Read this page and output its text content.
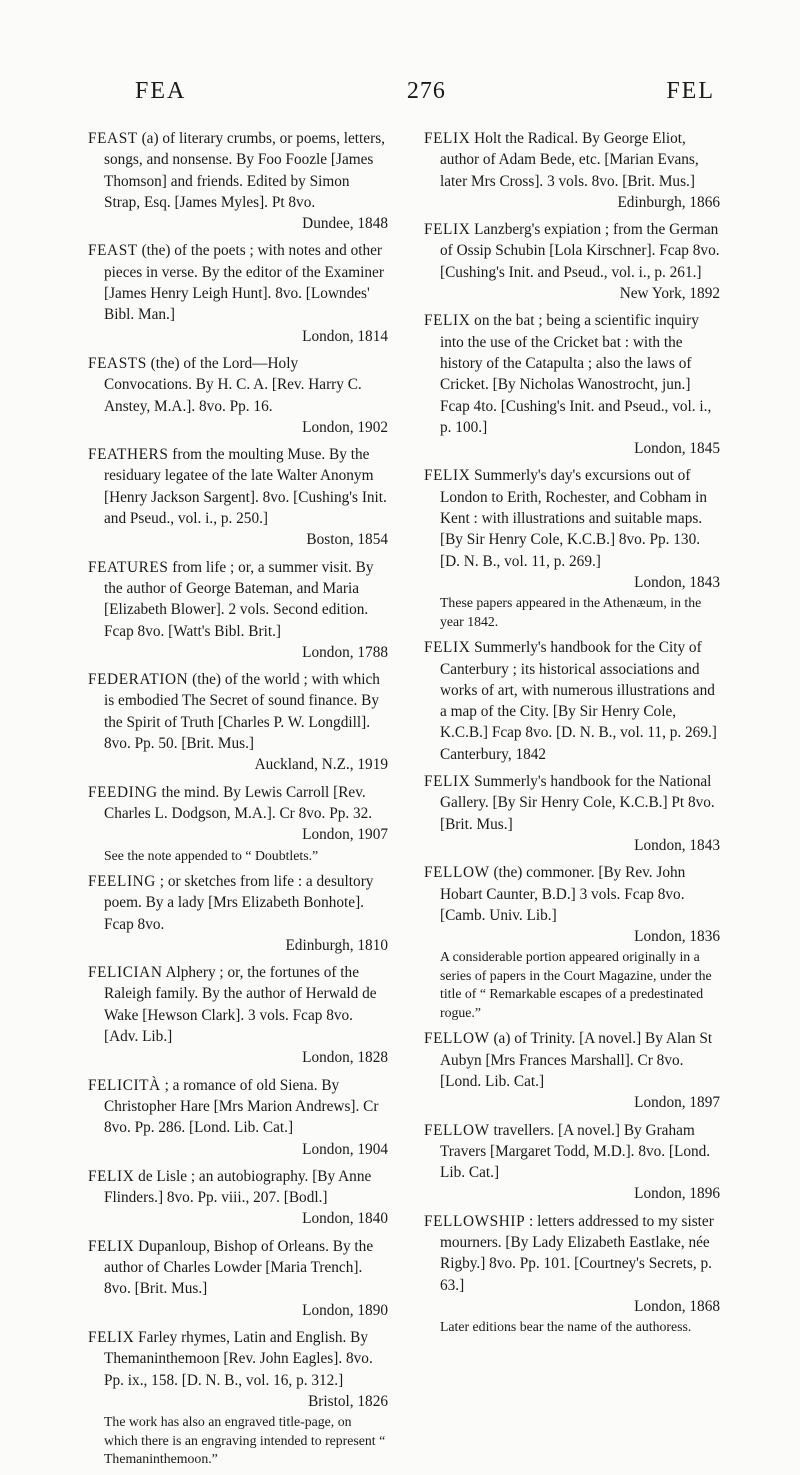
FEA	276	FEL
FEAST (a) of literary crumbs, or poems, letters, songs, and nonsense. By Foo Foozle [James Thomson] and friends. Edited by Simon Strap, Esq. [James Myles]. Pt 8vo.
Dundee, 1848
FEAST (the) of the poets ; with notes and other pieces in verse. By the editor of the Examiner [James Henry Leigh Hunt]. 8vo. [Lowndes' Bibl. Man.]
London, 1814
FEASTS (the) of the Lord—Holy Convocations. By H. C. A. [Rev. Harry C. Anstey, M.A.]. 8vo. Pp. 16.
London, 1902
FEATHERS from the moulting Muse. By the residuary legatee of the late Walter Anonym [Henry Jackson Sargent]. 8vo. [Cushing's Init. and Pseud., vol. i., p. 250.]
Boston, 1854
FEATURES from life ; or, a summer visit. By the author of George Bateman, and Maria [Elizabeth Blower]. 2 vols. Second edition. Fcap 8vo. [Watt's Bibl. Brit.]
London, 1788
FEDERATION (the) of the world ; with which is embodied The Secret of sound finance. By the Spirit of Truth [Charles P. W. Longdill]. 8vo. Pp. 50. [Brit. Mus.]
Auckland, N.Z., 1919
FEEDING the mind. By Lewis Carroll [Rev. Charles L. Dodgson, M.A.]. Cr 8vo. Pp. 32.
London, 1907
See the note appended to “ Doubtlets.”
FEELING ; or sketches from life : a desultory poem. By a lady [Mrs Elizabeth Bonhote]. Fcap 8vo.
Edinburgh, 1810
FELICIAN Alphery ; or, the fortunes of the Raleigh family. By the author of Herwald de Wake [Hewson Clark]. 3 vols. Fcap 8vo. [Adv. Lib.]
London, 1828
FELICITÀ ; a romance of old Siena. By Christopher Hare [Mrs Marion Andrews]. Cr 8vo. Pp. 286. [Lond. Lib. Cat.]
London, 1904
FELIX de Lisle ; an autobiography. [By Anne Flinders.] 8vo. Pp. viii., 207. [Bodl.]
London, 1840
FELIX Dupanloup, Bishop of Orleans. By the author of Charles Lowder [Maria Trench]. 8vo. [Brit. Mus.]
London, 1890
FELIX Farley rhymes, Latin and English. By Themaninthemoon [Rev. John Eagles]. 8vo. Pp. ix., 158. [D. N. B., vol. 16, p. 312.]
Bristol, 1826
The work has also an engraved title-page, on which there is an engraving intended to represent “ Themaninthemoon.”
FELIX Holt the Radical. By George Eliot, author of Adam Bede, etc. [Marian Evans, later Mrs Cross]. 3 vols. 8vo. [Brit. Mus.]
Edinburgh, 1866
FELIX Lanzberg's expiation ; from the German of Ossip Schubin [Lola Kirschner]. Fcap 8vo. [Cushing's Init. and Pseud., vol. i., p. 261.]
New York, 1892
FELIX on the bat ; being a scientific inquiry into the use of the Cricket bat : with the history of the Catapulta ; also the laws of Cricket. [By Nicholas Wanostrocht, jun.] Fcap 4to. [Cushing's Init. and Pseud., vol. i., p. 100.]
London, 1845
FELIX Summerly's day's excursions out of London to Erith, Rochester, and Cobham in Kent : with illustrations and suitable maps. [By Sir Henry Cole, K.C.B.] 8vo. Pp. 130. [D. N. B., vol. 11, p. 269.]
London, 1843
These papers appeared in the Athenæum, in the year 1842.
FELIX Summerly's handbook for the City of Canterbury ; its historical associations and works of art, with numerous illustrations and a map of the City. [By Sir Henry Cole, K.C.B.] Fcap 8vo. [D. N. B., vol. 11, p. 269.] Canterbury, 1842
FELIX Summerly's handbook for the National Gallery. [By Sir Henry Cole, K.C.B.] Pt 8vo. [Brit. Mus.]
London, 1843
FELLOW (the) commoner. [By Rev. John Hobart Caunter, B.D.] 3 vols. Fcap 8vo. [Camb. Univ. Lib.]
London, 1836
A considerable portion appeared originally in a series of papers in the Court Magazine, under the title of “ Remarkable escapes of a predestinated rogue.”
FELLOW (a) of Trinity. [A novel.] By Alan St Aubyn [Mrs Frances Marshall]. Cr 8vo. [Lond. Lib. Cat.]
London, 1897
FELLOW travellers. [A novel.] By Graham Travers [Margaret Todd, M.D.]. 8vo. [Lond. Lib. Cat.]
London, 1896
FELLOWSHIP : letters addressed to my sister mourners. [By Lady Elizabeth Eastlake, née Rigby.] 8vo. Pp. 101. [Courtney's Secrets, p. 63.]
London, 1868
Later editions bear the name of the authoress.
